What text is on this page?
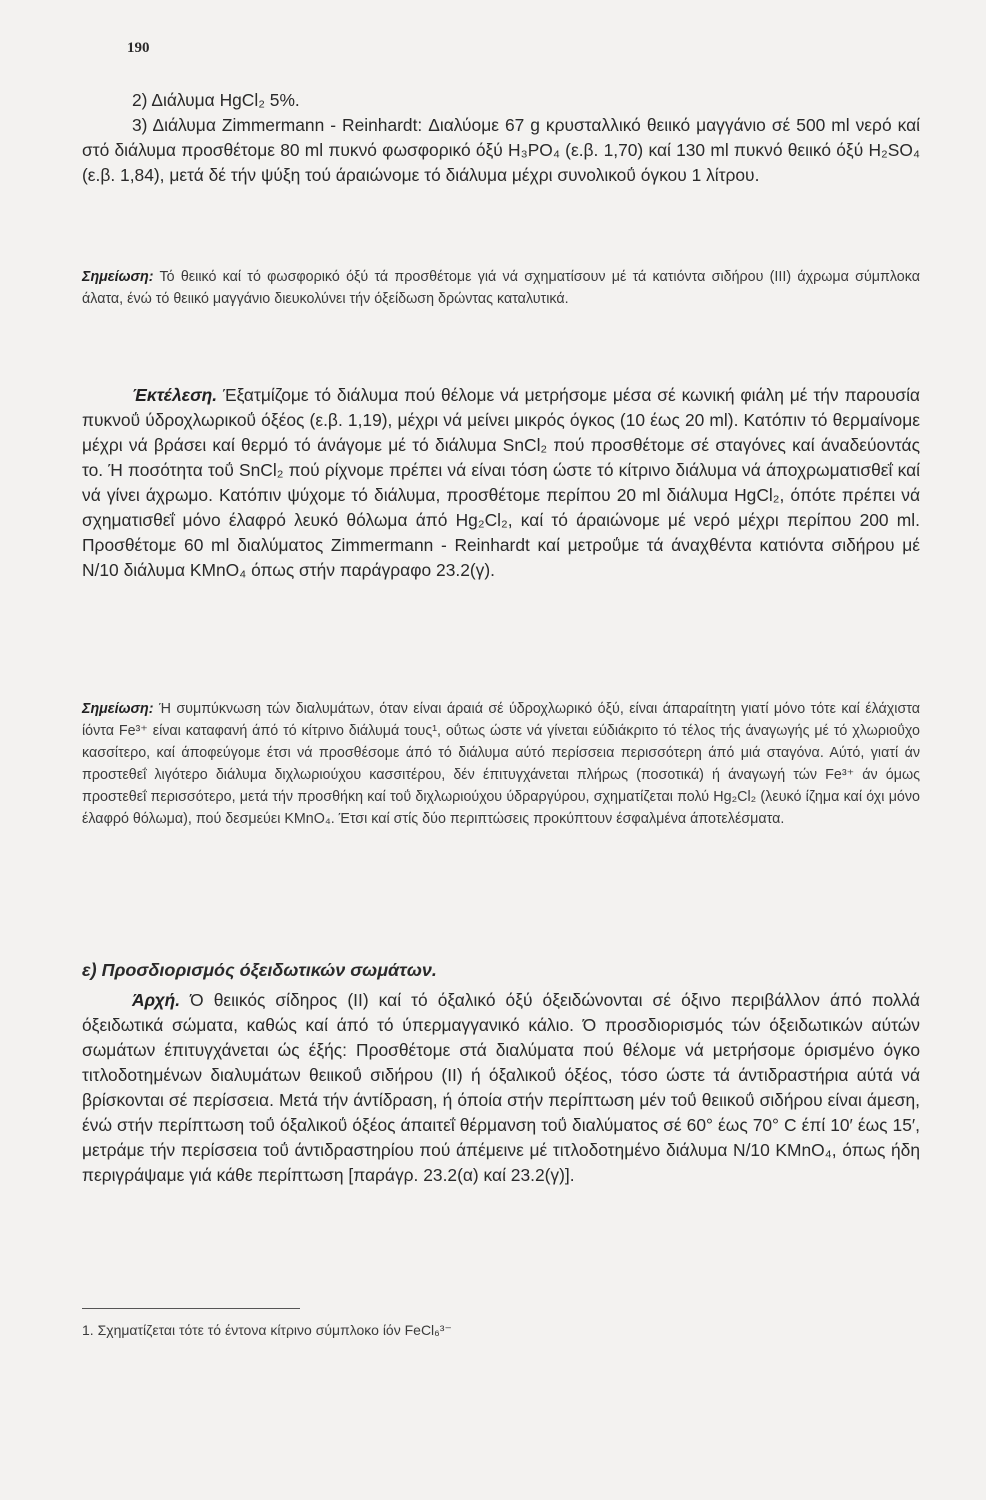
190

2) Διάλυμα HgCl₂ 5%.

3) Διάλυμα Zimmermann - Reinhardt: Διαλύομε 67 g κρυσταλλικό θειικό μαγγάνιο σέ 500 ml νερό καί στό διάλυμα προσθέτομε 80 ml πυκνό φωσφορικό όξύ H₃PO₄ (ε.β. 1,70) καί 130 ml πυκνό θειικό όξύ H₂SO₄ (ε.β. 1,84), μετά δέ τήν ψύξη τού άραιώνομε τό διάλυμα μέχρι συνολικοΰ όγκου 1 λίτρου.

Σημείωση: Τό θειικό καί τό φωσφορικό όξύ τά προσθέτομε γιά νά σχηματίσουν μέ τά κατιόντα σιδήρου (III) άχρωμα σύμπλοκα άλατα, ένώ τό θειικό μαγγάνιο διευκολύνει τήν όξείδωση δρώντας καταλυτικά.

Έκτέλεση. Έξατμίζομε τό διάλυμα πού θέλομε νά μετρήσομε μέσα σέ κωνική φιάλη μέ τήν παρουσία πυκνοΰ ύδροχλωρικοΰ όξέος (ε.β. 1,19), μέχρι νά μείνει μικρός όγκος (10 έως 20 ml). Κατόπιν τό θερμαίνομε μέχρι νά βράσει καί θερμό τό άνάγομε μέ τό διάλυμα SnCl₂ πού προσθέτομε σέ σταγόνες καί άναδεύοντάς το. Ή ποσότητα τοΰ SnCl₂ πού ρίχνομε πρέπει νά είναι τόση ώστε τό κίτρινο διάλυμα νά άποχρωματισθεΐ καί νά γίνει άχρωμο. Κατόπιν ψύχομε τό διάλυμα, προσθέτομε περίπου 20 ml διάλυμα HgCl₂, όπότε πρέπει νά σχηματισθεΐ μόνο έλαφρό λευκό θόλωμα άπό Hg₂Cl₂, καί τό άραιώνομε μέ νερό μέχρι περίπου 200 ml. Προσθέτομε 60 ml διαλύματος Zimmermann - Reinhardt καί μετροΰμε τά άναχθέντα κατιόντα σιδήρου μέ Ν/10 διάλυμα KMnO₄ όπως στήν παράγραφο 23.2(γ).

Σημείωση: Ή συμπύκνωση τών διαλυμάτων, όταν είναι άραιά σέ ύδροχλωρικό όξύ, είναι άπαραίτητη γιατί μόνο τότε καί έλάχιστα ίόντα Fe³⁺ είναι καταφανή άπό τό κίτρινο διάλυμά τους¹, οΰτως ώστε νά γίνεται εύδιάκριτο τό τέλος τής άναγωγής μέ τό χλωριοΰχο κασσίτερο, καί άποφεύγομε έτσι νά προσθέσομε άπό τό διάλυμα αύτό περίσσεια περισσότερη άπό μιά σταγόνα. Αύτό, γιατί άν προστεθεΐ λιγότερο διάλυμα διχλωριούχου κασσιτέρου, δέν έπιτυγχάνεται πλήρως (ποσοτικά) ή άναγωγή τών Fe³⁺ άν όμως προστεθεΐ περισσότερο, μετά τήν προσθήκη καί τοΰ διχλωριούχου ύδραργύρου, σχηματίζεται πολύ Hg₂Cl₂ (λευκό ίζημα καί όχι μόνο έλαφρό θόλωμα), πού δεσμεύει KMnO₄. Έτσι καί στίς δύο περιπτώσεις προκύπτουν έσφαλμένα άποτελέσματα.

ε) Προσδιορισμός όξειδωτικών σωμάτων.

Άρχή. Ό θειικός σίδηρος (II) καί τό όξαλικό όξύ όξειδώνονται σέ όξινο περιβάλλον άπό πολλά όξειδωτικά σώματα, καθώς καί άπό τό ύπερμαγγανικό κάλιο. Ό προσδιορισμός τών όξειδωτικών αύτών σωμάτων έπιτυγχάνεται ώς έξής: Προσθέτομε στά διαλύματα πού θέλομε νά μετρήσομε όρισμένο όγκο τιτλοδοτημένων διαλυμάτων θειικοΰ σιδήρου (II) ή όξαλικοΰ όξέος, τόσο ώστε τά άντιδραστήρια αύτά νά βρίσκονται σέ περίσσεια. Μετά τήν άντίδραση, ή όποία στήν περίπτωση μέν τοΰ θειικοΰ σιδήρου είναι άμεση, ένώ στήν περίπτωση τοΰ όξαλικοΰ όξέος άπαιτεΐ θέρμανση τοΰ διαλύματος σέ 60° έως 70° C έπί 10′ έως 15′, μετράμε τήν περίσσεια τοΰ άντιδραστηρίου πού άπέμεινε μέ τιτλοδοτημένο διάλυμα Ν/10 KMnO₄, όπως ήδη περιγράψαμε γιά κάθε περίπτωση [παράγρ. 23.2(α) καί 23.2(γ)].

1. Σχηματίζεται τότε τό έντονα κίτρινο σύμπλοκο ίόν FeCl₆³⁻
